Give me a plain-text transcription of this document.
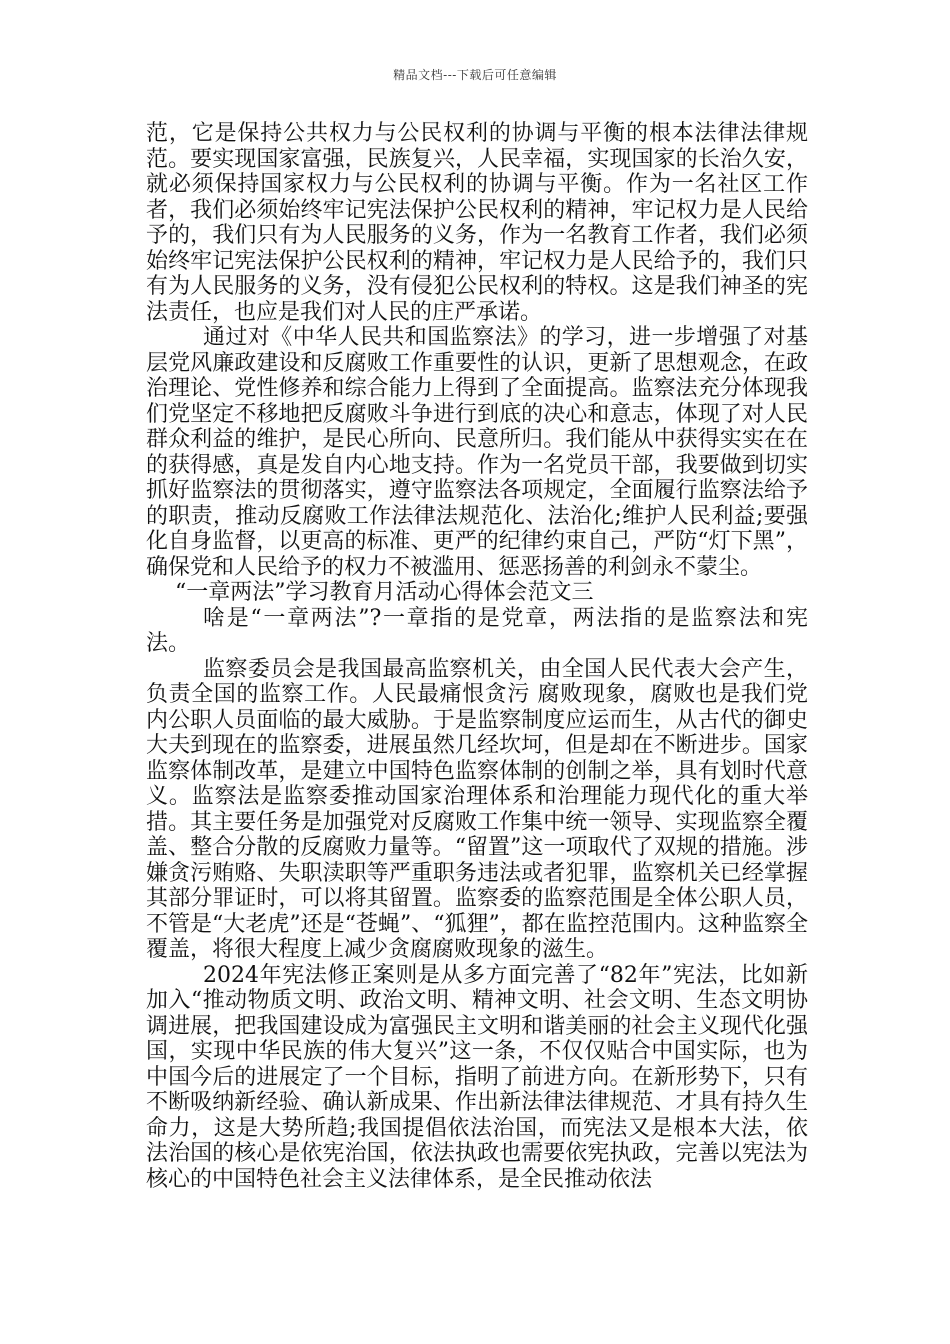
精品文档---下载后可任意编辑

范，它是保持公共权力与公民权利的协调与平衡的根本法律法律规范。要实现国家富强，民族复兴，人民幸福，实现国家的长治久安，就必须保持国家权力与公民权利的协调与平衡。作为一名社区工作者，我们必须始终牢记宪法保护公民权利的精神，牢记权力是人民给予的，我们只有为人民服务的义务，作为一名教育工作者，我们必须始终牢记宪法保护公民权利的精神，牢记权力是人民给予的，我们只有为人民服务的义务，没有侵犯公民权利的特权。这是我们神圣的宪法责任，也应是我们对人民的庄严承诺。

通过对《中华人民共和国监察法》的学习，进一步增强了对基层党风廉政建设和反腐败工作重要性的认识，更新了思想观念，在政治理论、党性修养和综合能力上得到了全面提高。监察法充分体现我们党坚定不移地把反腐败斗争进行到底的决心和意志，体现了对人民群众利益的维护，是民心所向、民意所归。我们能从中获得实实在在的获得感，真是发自内心地支持。作为一名党员干部，我要做到切实抓好监察法的贯彻落实，遵守监察法各项规定，全面履行监察法给予的职责，推动反腐败工作法律法规范化、法治化;维护人民利益;要强化自身监督，以更高的标准、更严的纪律约束自己，严防“灯下黑”，确保党和人民给予的权力不被滥用、惩恶扬善的利剑永不蒙尘。

“一章两法”学习教育月活动心得体会范文三

啥是“一章两法”?一章指的是党章，两法指的是监察法和宪法。

监察委员会是我国最高监察机关，由全国人民代表大会产生，负责全国的监察工作。人民最痛恨贪污 腐败现象，腐败也是我们党内公职人员面临的最大威胁。于是监察制度应运而生，从古代的御史大夫到现在的监察委，进展虽然几经坎坷，但是却在不断进步。国家监察体制改革，是建立中国特色监察体制的创制之举，具有划时代意义。监察法是监察委推动国家治理体系和治理能力现代化的重大举措。其主要任务是加强党对反腐败工作集中统一领导、实现监察全覆盖、整合分散的反腐败力量等。“留置”这一项取代了双规的措施。涉嫌贪污贿赂、失职渎职等严重职务违法或者犯罪，监察机关已经掌握其部分罪证时，可以将其留置。监察委的监察范围是全体公职人员，不管是“大老虎”还是“苍蝇”、“狐狸”，都在监控范围内。这种监察全覆盖，将很大程度上减少贪腐腐败现象的滋生。

2024年宪法修正案则是从多方面完善了“82年”宪法，比如新加入“推动物质文明、政治文明、精神文明、社会文明、生态文明协调进展，把我国建设成为富强民主文明和谐美丽的社会主义现代化强国，实现中华民族的伟大复兴”这一条，不仅仅贴合中国实际，也为中国今后的进展定了一个目标，指明了前进方向。在新形势下，只有不断吸纳新经验、确认新成果、作出新法律法律规范、才具有持久生命力，这是大势所趋;我国提倡依法治国，而宪法又是根本大法，依法治国的核心是依宪治国，依法执政也需要依宪执政，完善以宪法为核心的中国特色社会主义法律体系，是全民推动依法
